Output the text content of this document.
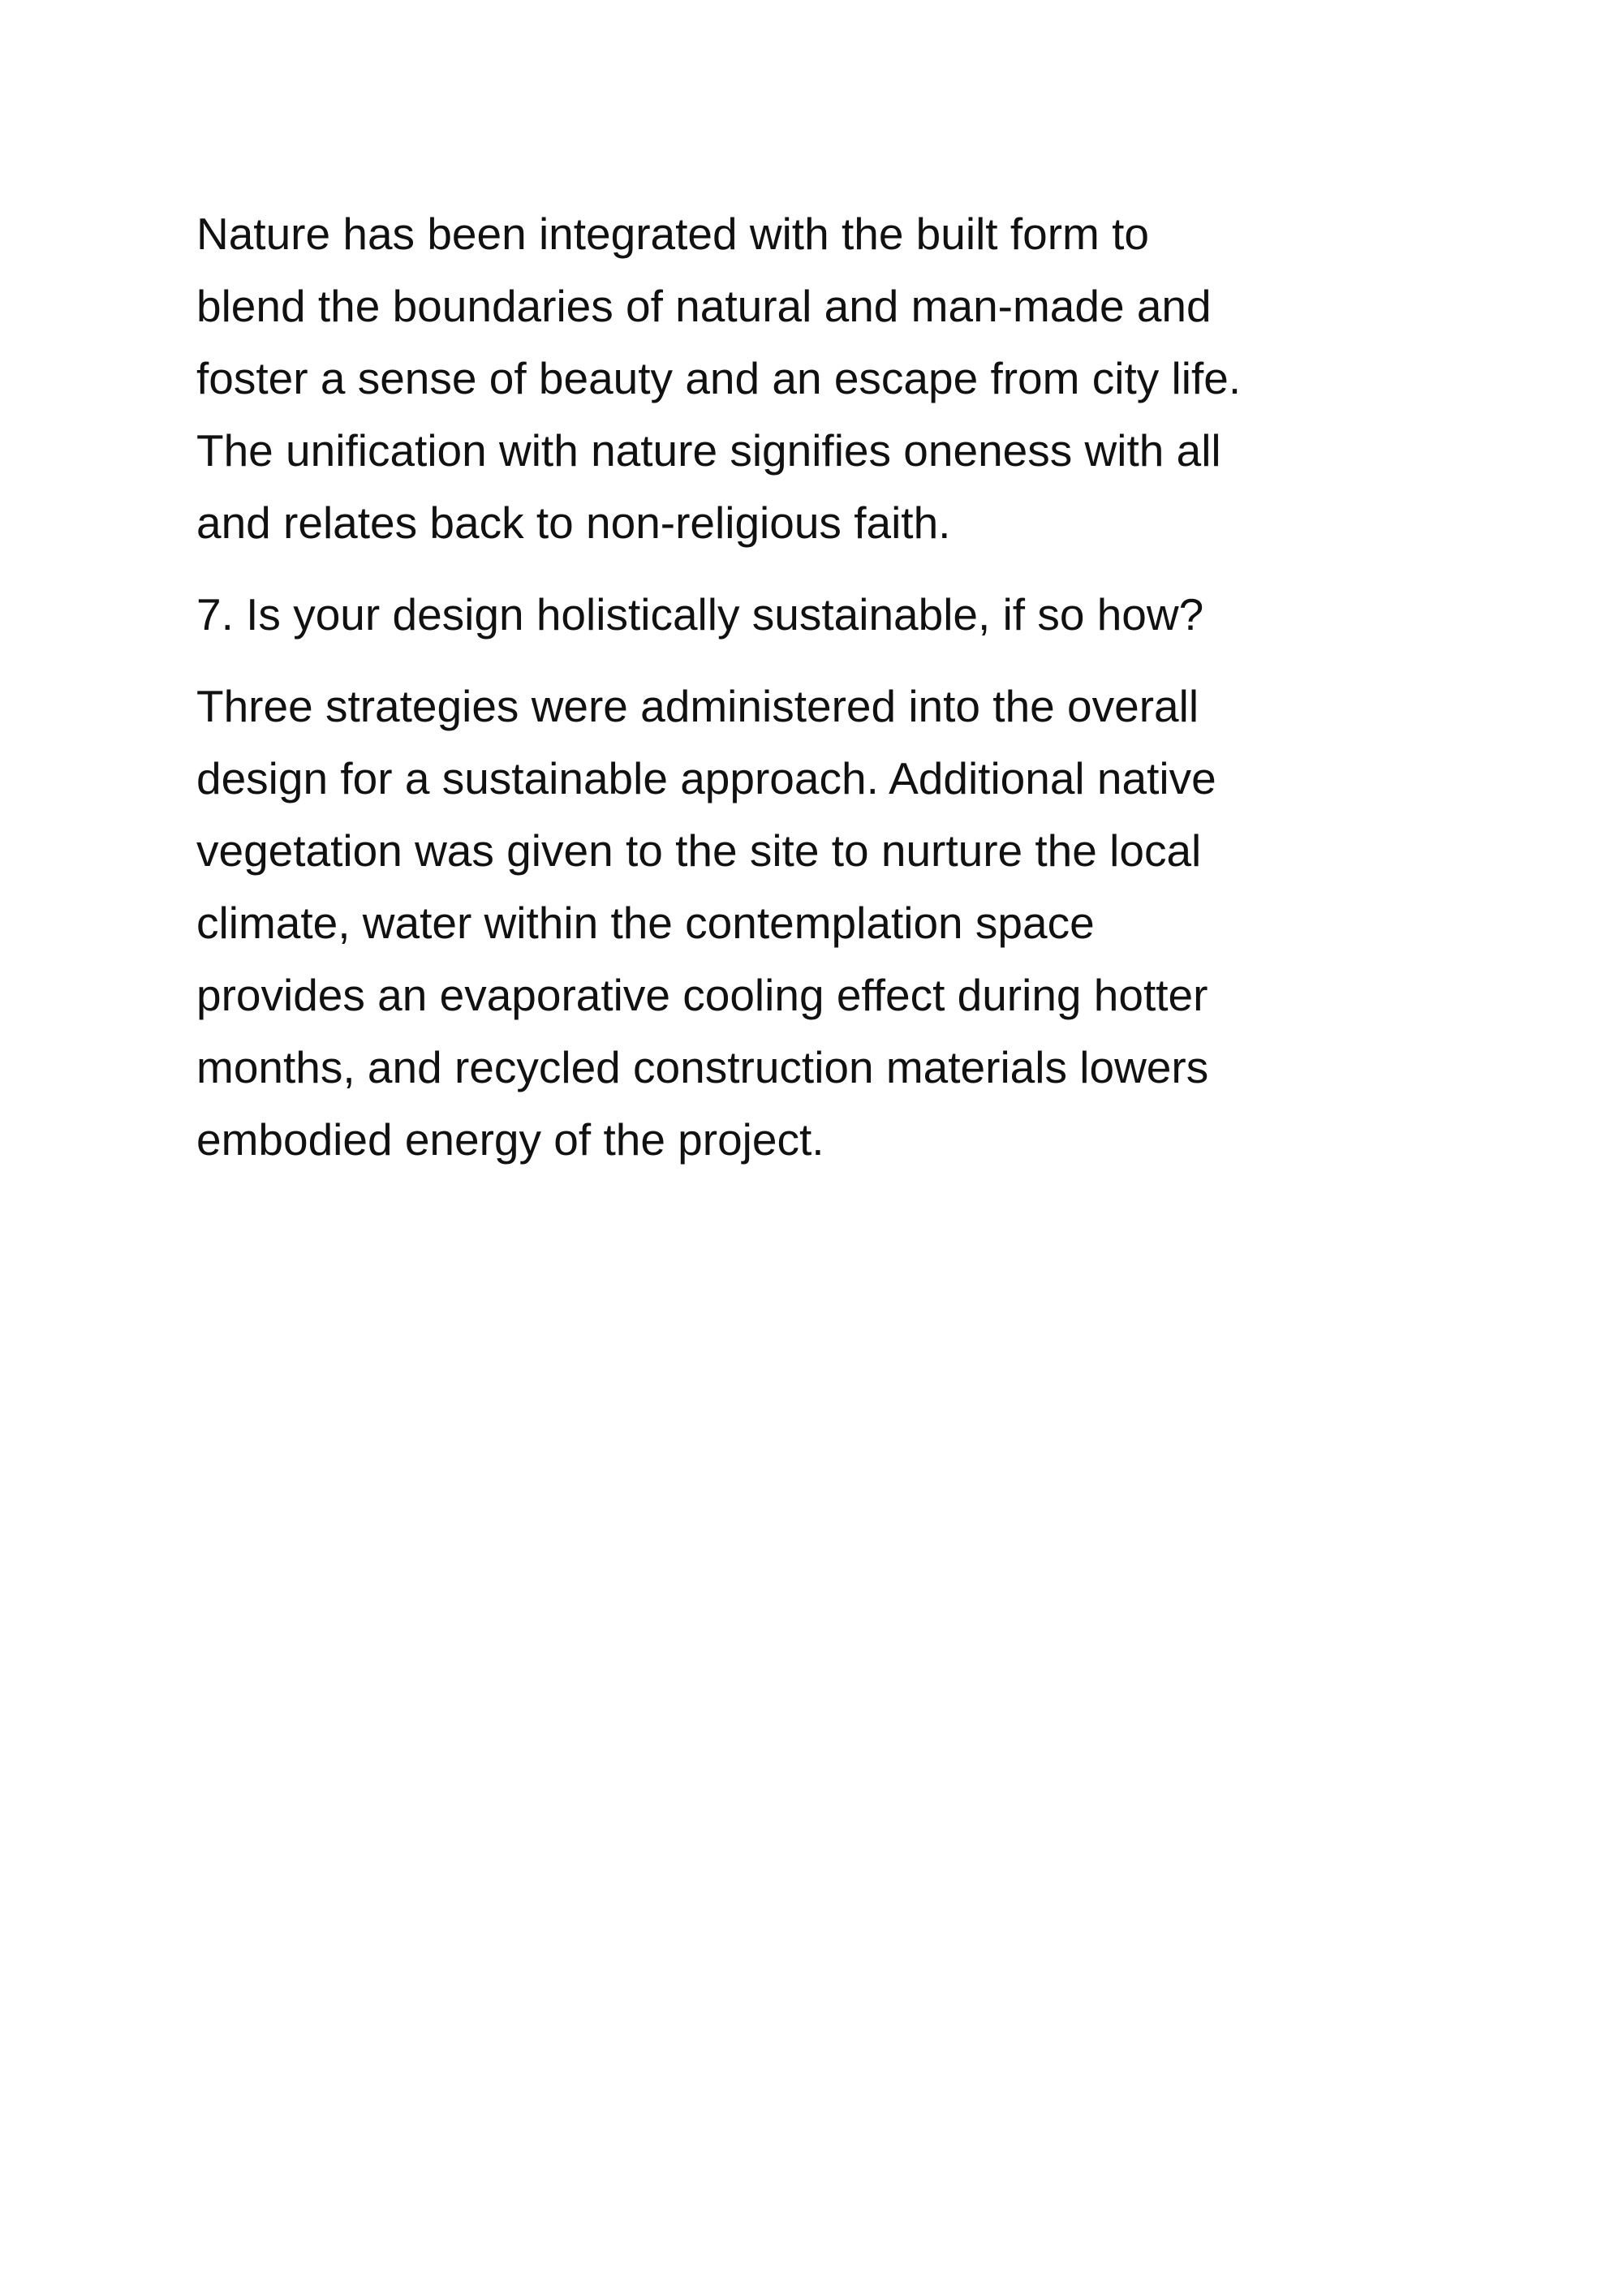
Nature has been integrated with the built form to
blend the boundaries of natural and man-made and
foster a sense of beauty and an escape from city life.
The unification with nature signifies oneness with all
and relates back to non-religious faith.

7. Is your design holistically sustainable, if so how?

Three strategies were administered into the overall
design for a sustainable approach. Additional native
vegetation was given to the site to nurture the local
climate, water within the contemplation space
provides an evaporative cooling effect during hotter
months, and recycled construction materials lowers
embodied energy of the project.
